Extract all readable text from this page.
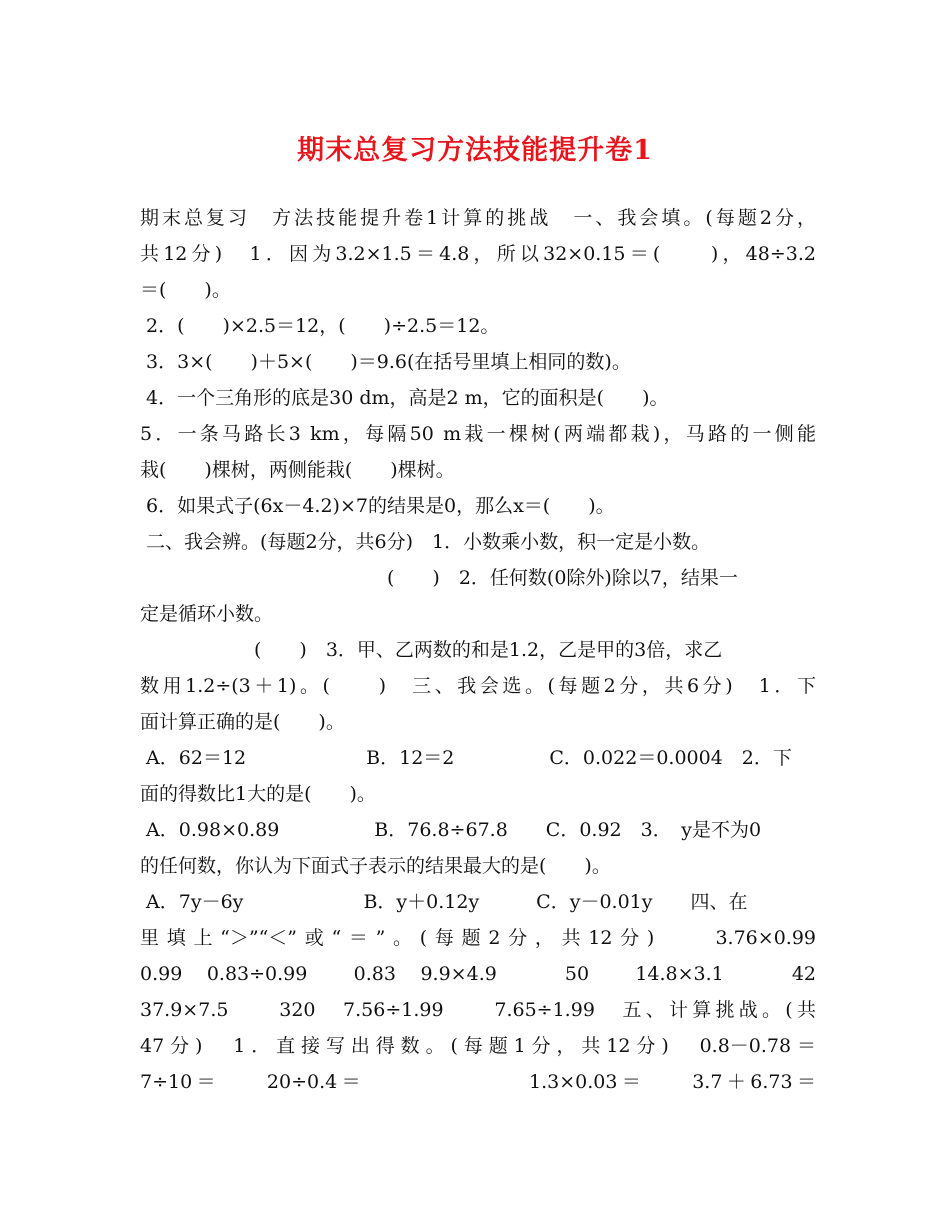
期末总复习方法技能提升卷1
期末总复习　方法技能提升卷1计算的挑战　一、我会填。(每题2分，
共12分)　1．因为3.2×1.5＝4.8，所以32×0.15＝(　　)，48÷3.2
＝(　　)。
2．(　　)×2.5＝12，(　　)÷2.5＝12。
3．3×(　　)＋5×(　　)＝9.6(在括号里填上相同的数)。
4．一个三角形的底是30 dm，高是2 m，它的面积是(　　)。
5．一条马路长3 km，每隔50 m栽一棵树(两端都栽)，马路的一侧能
栽(　　)棵树，两侧能栽(　　)棵树。
6．如果式子(6x－4.2)×7的结果是0，那么x＝(　　)。
二、我会辨。(每题2分，共6分)　1．小数乘小数，积一定是小数。
　　　　　　　　　　　　　(　　)　2．任何数(0除外)除以7，结果一
定是循环小数。
　　　　　　(　　)　3．甲、乙两数的和是1.2，乙是甲的3倍，求乙
数用1.2÷(3＋1)。(　　)　三、我会选。(每题2分，共6分)　1．下
面计算正确的是(　　)。
A．62＝12　　　　　　 B．12＝2　　　　　C．0.022＝0.0004　2．下
面的得数比1大的是(　　)。
A．0.98×0.89　　　　　B．76.8÷67.8　　C．0.92　3．　y是不为0
的任何数，你认为下面式子表示的结果最大的是(　　)。
A．7y－6y　　　　　　 B．y＋0.12y　　　C．y－0.01y　　四、在
里填上“＞”“＜”或“＝”。(每题2分，共12分)　　3.76×0.99
0.99　0.83÷0.99　　0.83　9.9×4.9　　　50　　14.8×3.1　　　42
37.9×7.5　　320　7.56÷1.99　　7.65÷1.99　五、计算挑战。(共
47分)　1．直接写出得数。(每题1分，共12分)　0.8－0.78＝
7÷10＝　　20÷0.4＝　　　　　　　1.3×0.03＝　　3.7＋6.73＝
